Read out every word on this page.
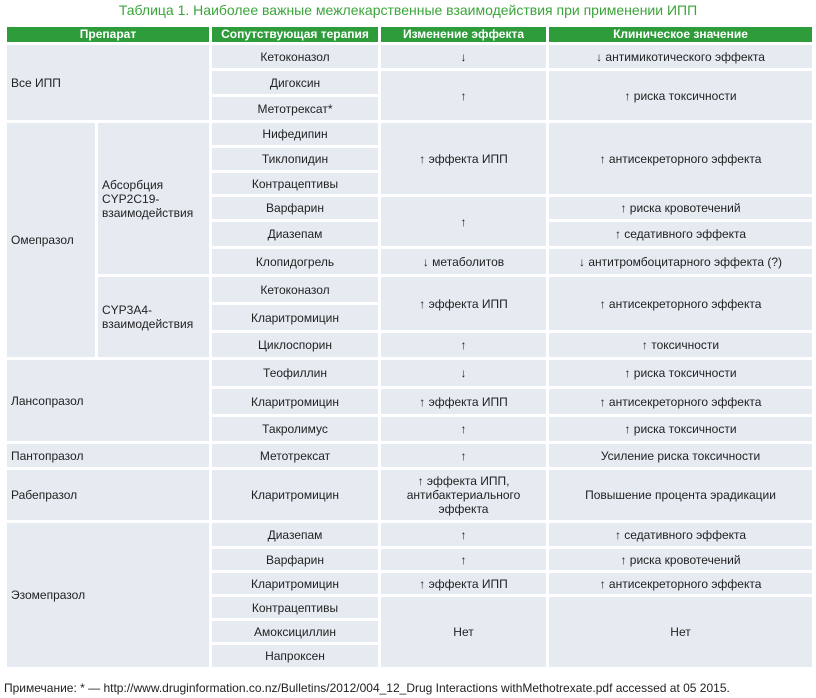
Таблица 1. Наиболее важные межлекарственные взаимодействия при применении ИПП
Препарат		Сопутствующая терапия	Изменение эффекта	Клиническое значение
Все ИПП		Кетоконазол	↓	↓ антимикотического эффекта
		Дигоксин	↑	↑ риска токсичности
		Метотрексат*		
Омепразол	Абсорбция CYP2C19-взаимодействия	Нифедипин	↑ эффекта ИПП	↑ антисекреторного эффекта
		Тиклопидин		
		Контрацептивы		
		Варфарин	↑	↑ риска кровотечений
		Диазепам		↑ седативного эффекта
		Клопидогрель	↓ метаболитов	↓ антитромбоцитарного эффекта (?)
	CYP3A4-взаимодействия	Кетоконазол	↑ эффекта ИПП	↑ антисекреторного эффекта
		Кларитромицин		
		Циклоспорин	↑	↑ токсичности
Лансопразол		Теофиллин	↓	↑ риска токсичности
		Кларитромицин	↑ эффекта ИПП	↑ антисекреторного эффекта
		Такролимус	↑	↑ риска токсичности
Пантопразол		Метотрексат	↑	Усиление риска токсичности
Рабепразол		Кларитромицин	↑ эффекта ИПП, антибактериального эффекта	Повышение процента эрадикации
Эзомепразол		Диазепам	↑	↑ седативного эффекта
		Варфарин	↑	↑ риска кровотечений
		Кларитромицин	↑ эффекта ИПП	↑ антисекреторного эффекта
		Контрацептивы	Нет	Нет
		Амоксициллин		
		Напроксен		
Примечание: * — http://www.druginformation.co.nz/Bulletins/2012/004_12_Drug Interactions withMethotrexate.pdf accessed at 05 2015.
